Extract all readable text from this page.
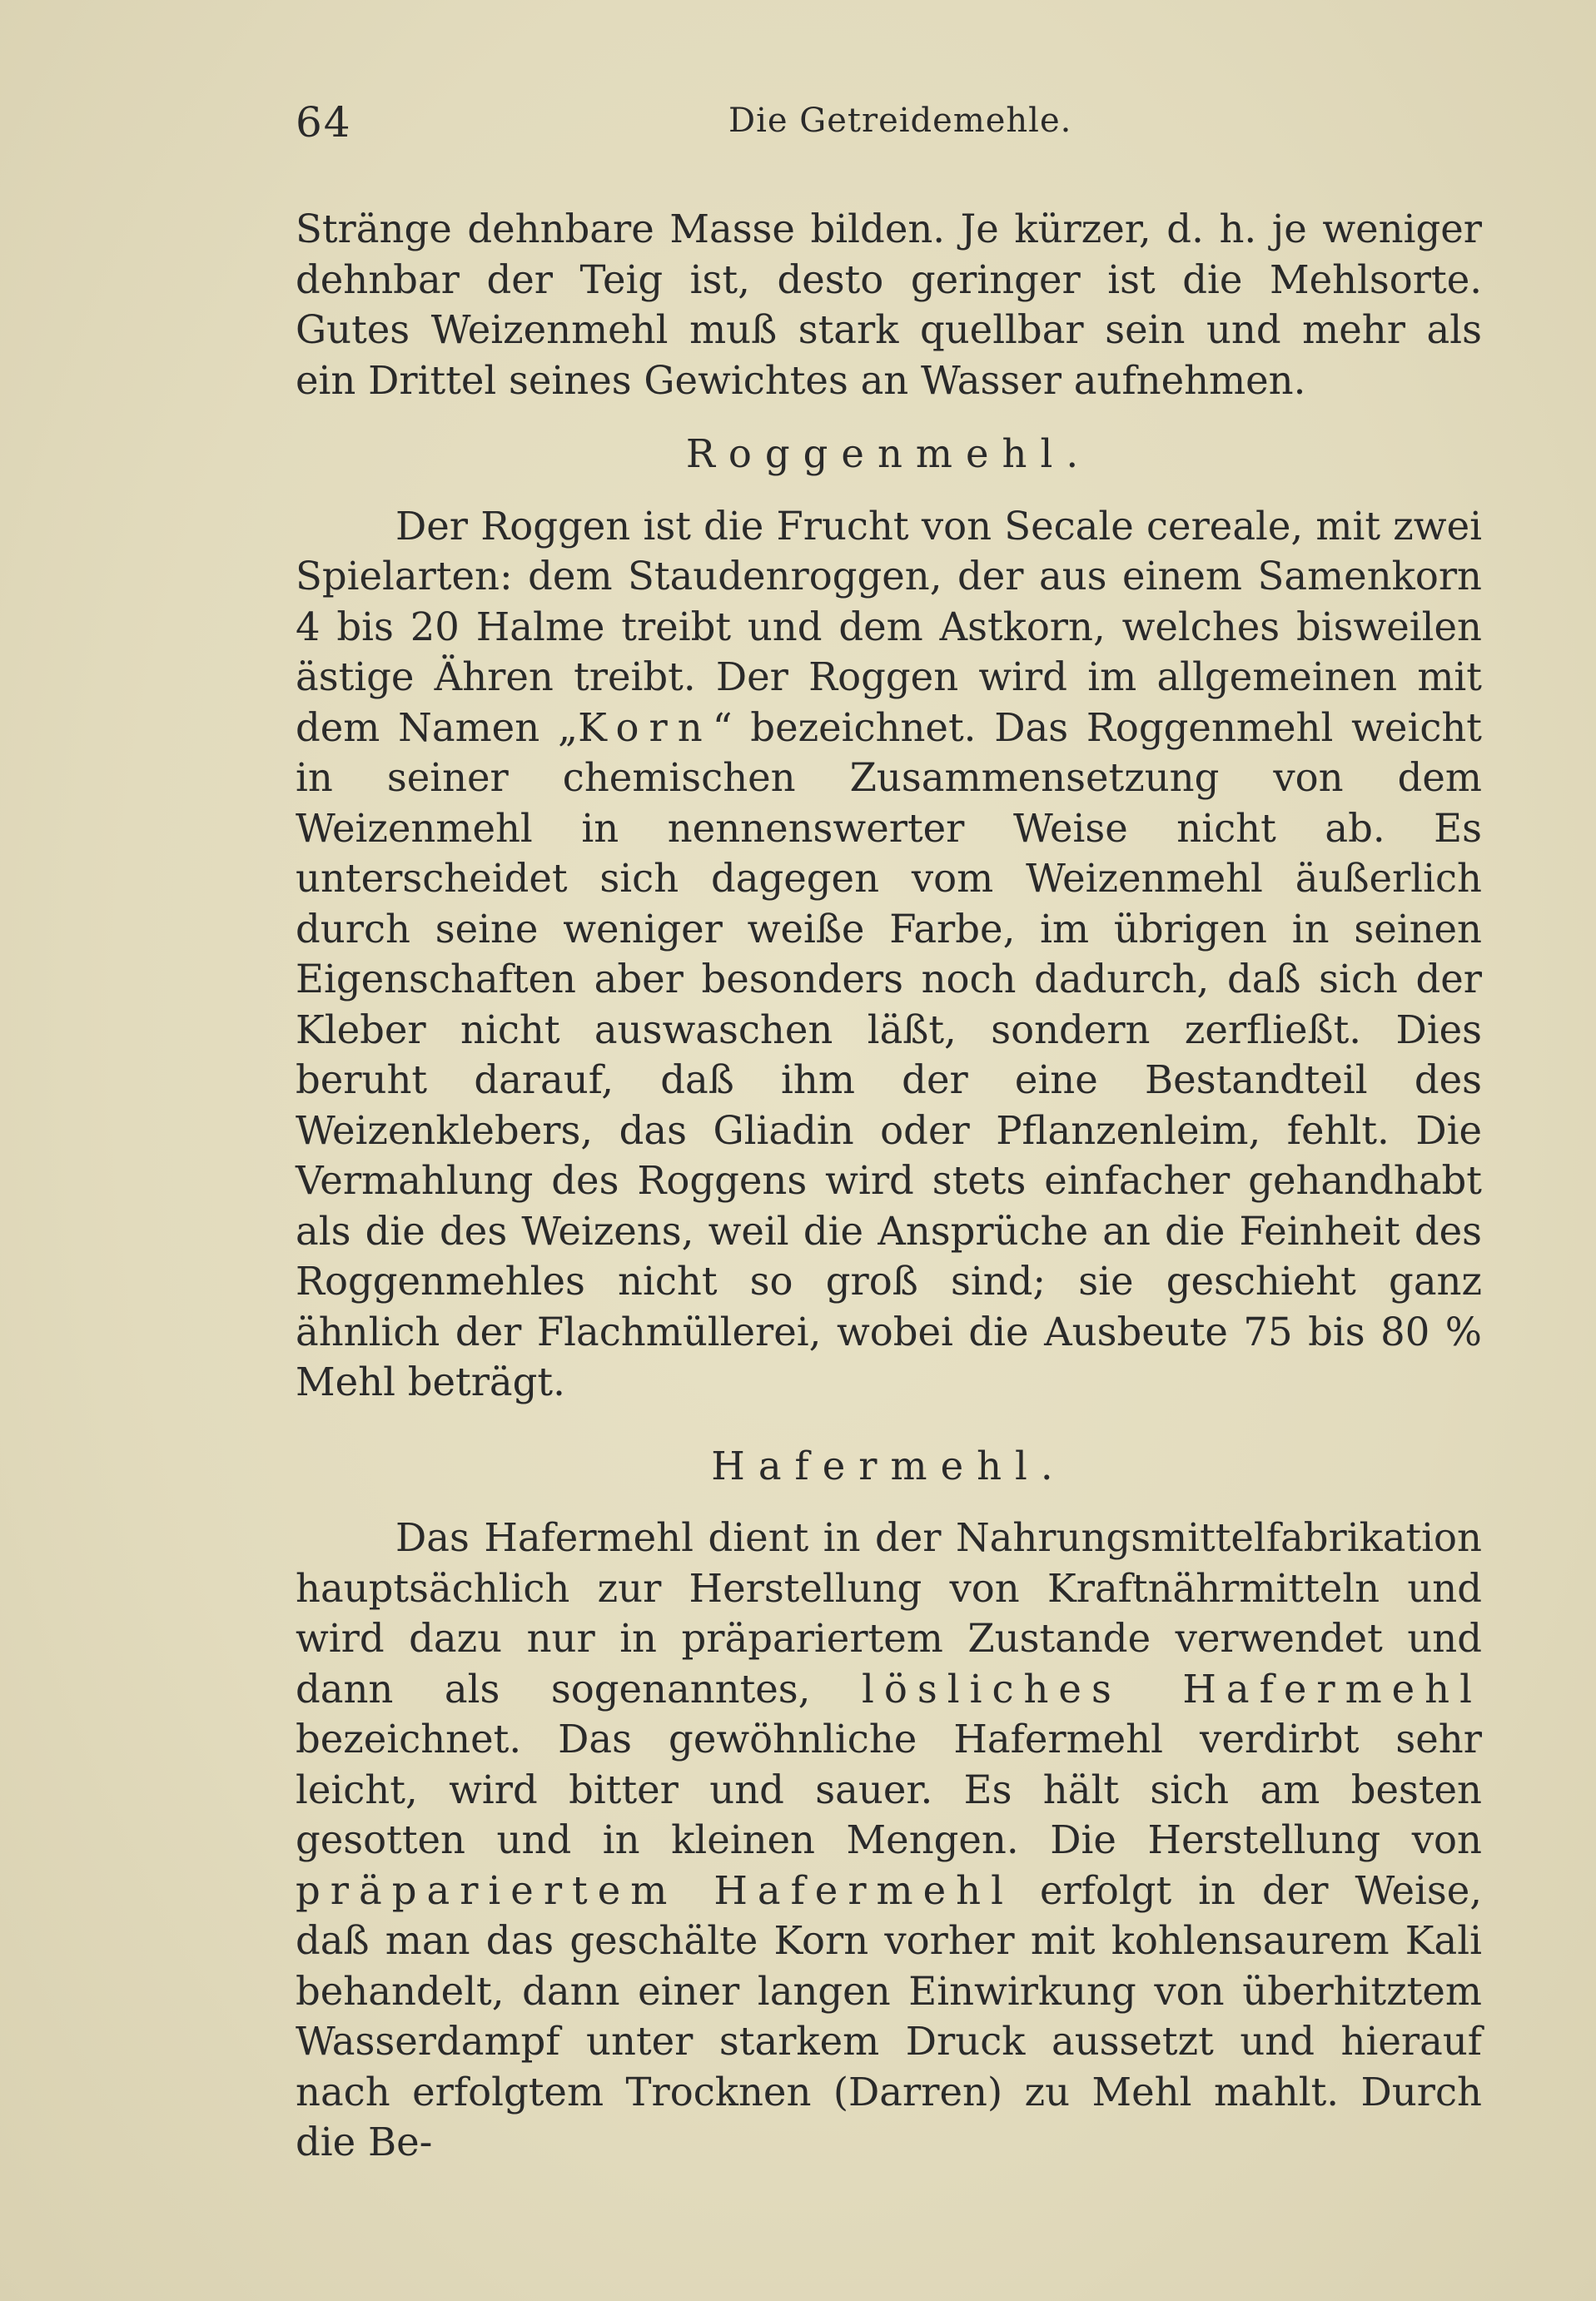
64	Die Getreidemehle.

Stränge dehnbare Masse bilden. Je kürzer, d. h. je weniger dehnbar der Teig ist, desto geringer ist die Mehlsorte. Gutes Weizenmehl muß stark quellbar sein und mehr als ein Drittel seines Gewichtes an Wasser aufnehmen.

Roggenmehl.

Der Roggen ist die Frucht von Secale cereale, mit zwei Spielarten: dem Staudenroggen, der aus einem Samenkorn 4 bis 20 Halme treibt und dem Astkorn, welches bisweilen ästige Ähren treibt. Der Roggen wird im allgemeinen mit dem Namen „Korn“ bezeichnet. Das Roggenmehl weicht in seiner chemischen Zusammensetzung von dem Weizenmehl in nennenswerter Weise nicht ab. Es unterscheidet sich dagegen vom Weizenmehl äußerlich durch seine weniger weiße Farbe, im übrigen in seinen Eigenschaften aber besonders noch dadurch, daß sich der Kleber nicht auswaschen läßt, sondern zerfließt. Dies beruht darauf, daß ihm der eine Bestandteil des Weizenklebers, das Gliadin oder Pflanzenleim, fehlt. Die Vermahlung des Roggens wird stets einfacher gehandhabt als die des Weizens, weil die Ansprüche an die Feinheit des Roggenmehles nicht so groß sind; sie geschieht ganz ähnlich der Flachmüllerei, wobei die Ausbeute 75 bis 80 % Mehl beträgt.

Hafermehl.

Das Hafermehl dient in der Nahrungsmittelfabrikation hauptsächlich zur Herstellung von Kraftnährmitteln und wird dazu nur in präpariertem Zustande verwendet und dann als sogenanntes, lösliches Hafermehl bezeichnet. Das gewöhnliche Hafermehl verdirbt sehr leicht, wird bitter und sauer. Es hält sich am besten gesotten und in kleinen Mengen. Die Herstellung von präpariertem Hafermehl erfolgt in der Weise, daß man das geschälte Korn vorher mit kohlensaurem Kali behandelt, dann einer langen Einwirkung von überhitztem Wasserdampf unter starkem Druck aussetzt und hierauf nach erfolgtem Trocknen (Darren) zu Mehl mahlt. Durch die Be-
